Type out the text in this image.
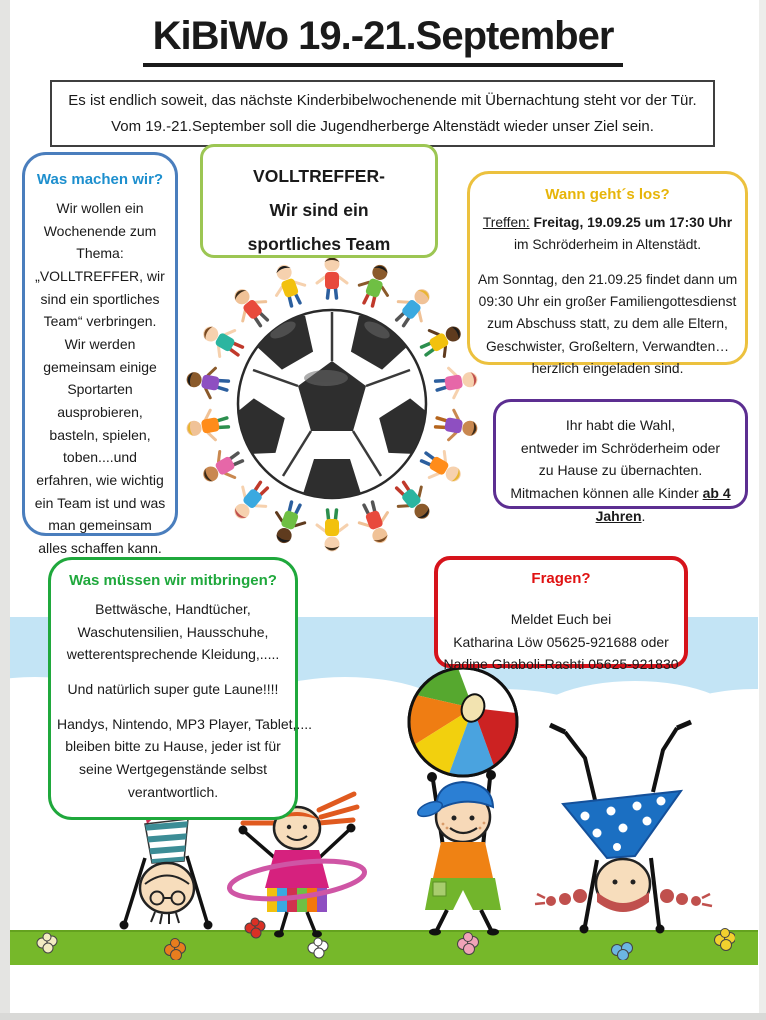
KiBiWo 19.-21.September
Es ist endlich soweit, das nächste Kinderbibelwochenende mit Übernachtung steht vor der Tür.
Vom 19.-21.September soll die Jugendherberge Altenstädt wieder unser Ziel sein.
Was machen wir?
Wir wollen ein
Wochenende zum
Thema:
„VOLLTREFFER, wir
sind ein sportliches
Team“ verbringen.
Wir werden
gemeinsam einige
Sportarten
ausprobieren,
basteln, spielen,
toben....und
erfahren, wie wichtig
ein Team ist und was
man gemeinsam
alles schaffen kann.
VOLLTREFFER-
Wir sind ein
sportliches Team
Wann geht´s los?
Treffen: Freitag, 19.09.25 um 17:30 Uhr im Schröderheim in Altenstädt.
Am Sonntag, den 21.09.25 findet dann um
09:30 Uhr ein großer Familiengottesdienst
zum Abschuss statt, zu dem alle Eltern,
Geschwister, Großeltern, Verwandten…
herzlich eingeladen sind.
Ihr habt die Wahl,
entweder im Schröderheim oder
zu Hause zu übernachten.
Mitmachen können alle Kinder ab 4 Jahren.
Was müssen wir mitbringen?
Bettwäsche, Handtücher,
Waschutensilien, Hausschuhe,
wetterentsprechende Kleidung,.....
Und natürlich super gute Laune!!!!
Handys, Nintendo, MP3 Player, Tablet,....
bleiben bitte zu Hause, jeder ist für
seine Wertgegenstände selbst
verantwortlich.
Fragen?
Meldet Euch bei
Katharina Löw 05625-921688 oder
Nadine Ghaboli-Rashti 05625-921830
